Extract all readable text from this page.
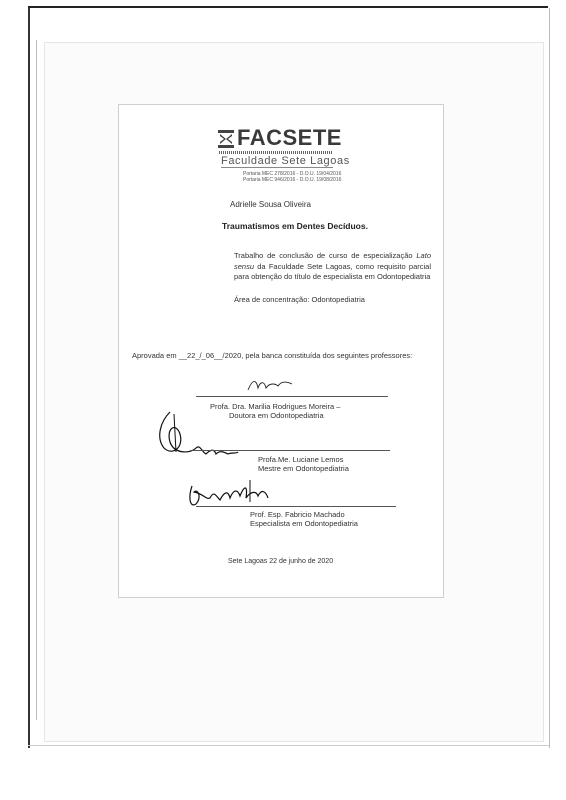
FACSETE
Faculdade Sete Lagoas
Portaria MEC 278/2016 - D.O.U. 19/04/2016
Portaria MEC 946/2016 - D.O.U. 19/08/2016
Adrielle Sousa Oliveira
Traumatismos em Dentes Decíduos.
Trabalho de conclusão de curso de especialização Lato sensu da Faculdade Sete Lagoas, como requisito parcial para obtenção do título de especialista em Odontopediatria
Área de concentração: Odontopediatria
Aprovada em __22_/_06__/2020, pela banca constituída dos seguintes professores:
Profa. Dra. Marilia Rodrigues Moreira –
Doutora em Odontopediatria
Profa.Me. Luciane Lemos
Mestre em Odontopediatria
Prof. Esp. Fabricio Machado
Especialista em Odontopediatria
Sete Lagoas 22 de junho de 2020
